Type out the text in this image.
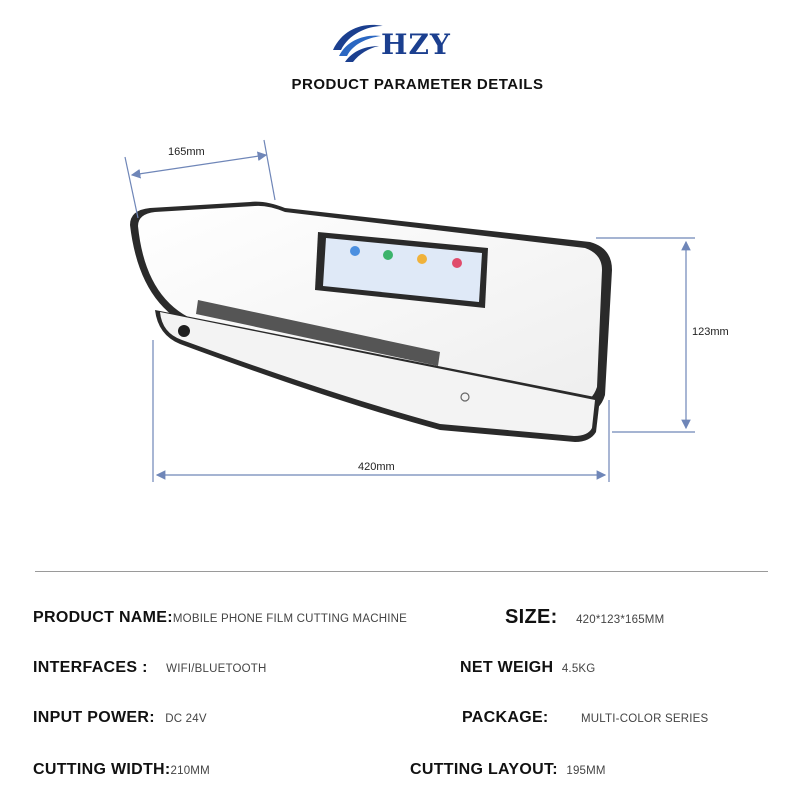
HZY
PRODUCT PARAMETER DETAILS
165mm
123mm
420mm
PRODUCT NAME:MOBILE PHONE FILM CUTTING MACHINE	SIZE: 420*123*165MM
INTERFACES : WIFI/BLUETOOTH	NET WEIGH 4.5KG
INPUT POWER: DC 24V	PACKAGE:	MULTI-COLOR SERIES
CUTTING WIDTH:210MM	CUTTING LAYOUT: 195MM
